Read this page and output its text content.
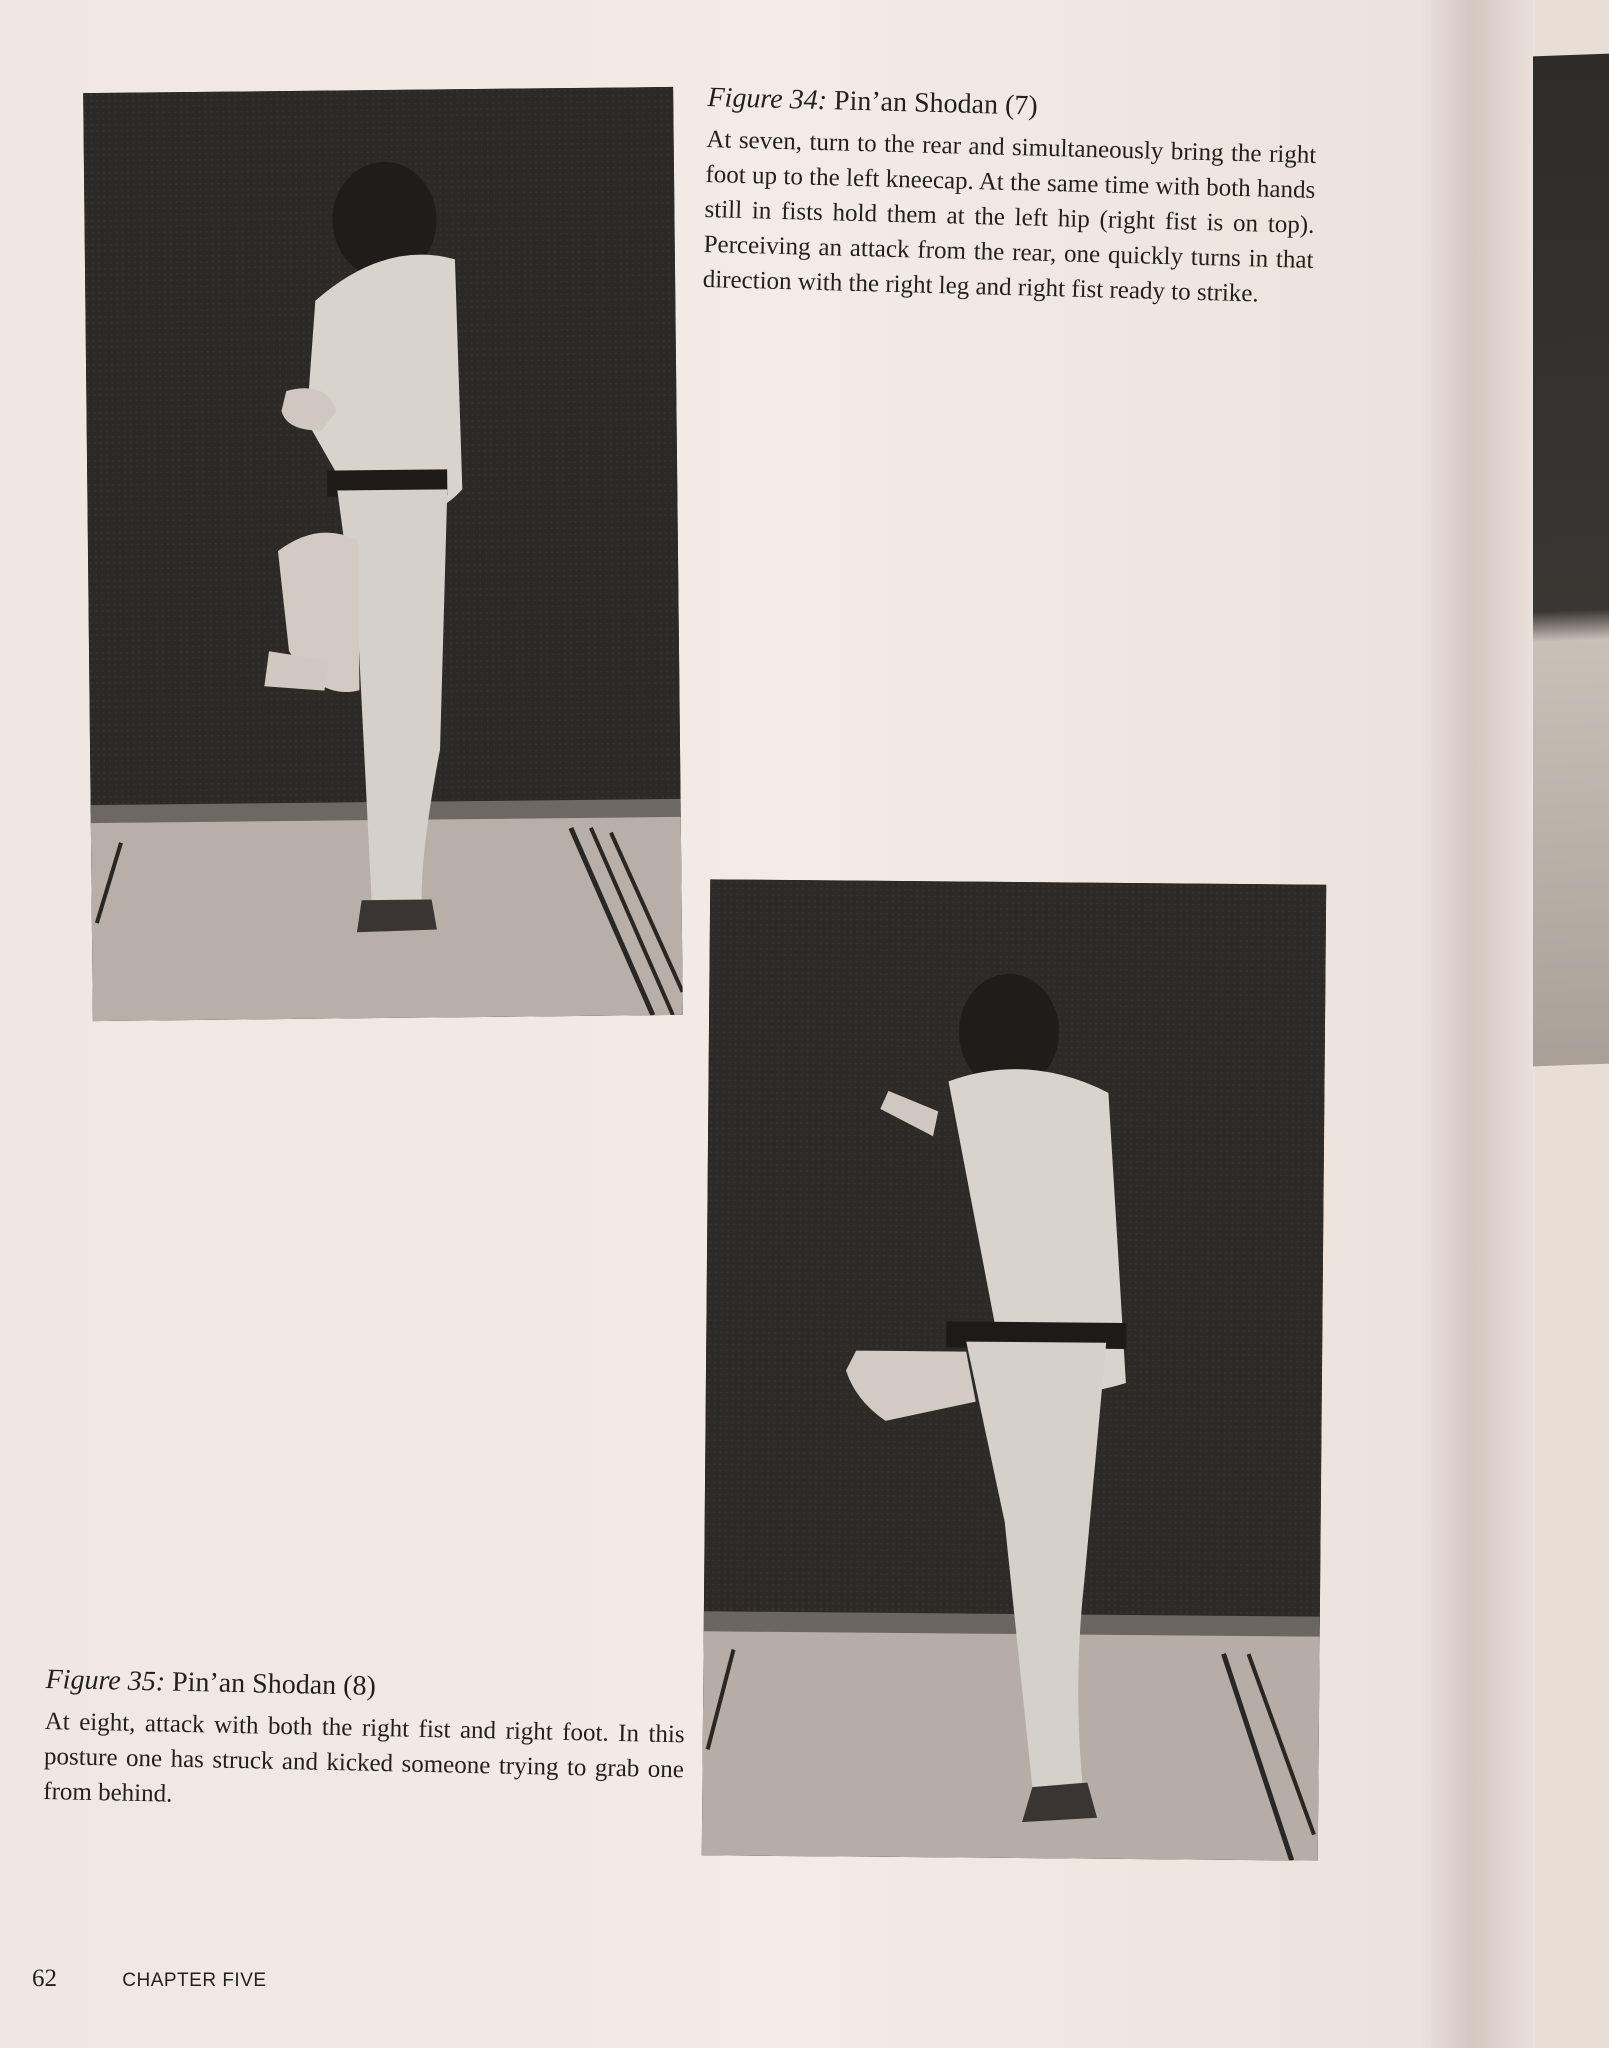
Figure 34: Pin’an Shodan (7)

At seven, turn to the rear and simultaneously bring the right foot up to the left kneecap. At the same time with both hands still in fists hold them at the left hip (right fist is on top). Perceiving an attack from the rear, one quickly turns in that direction with the right leg and right fist ready to strike.

Figure 35: Pin’an Shodan (8)

At eight, attack with both the right fist and right foot. In this posture one has struck and kicked someone trying to grab one from behind.

62	CHAPTER FIVE
